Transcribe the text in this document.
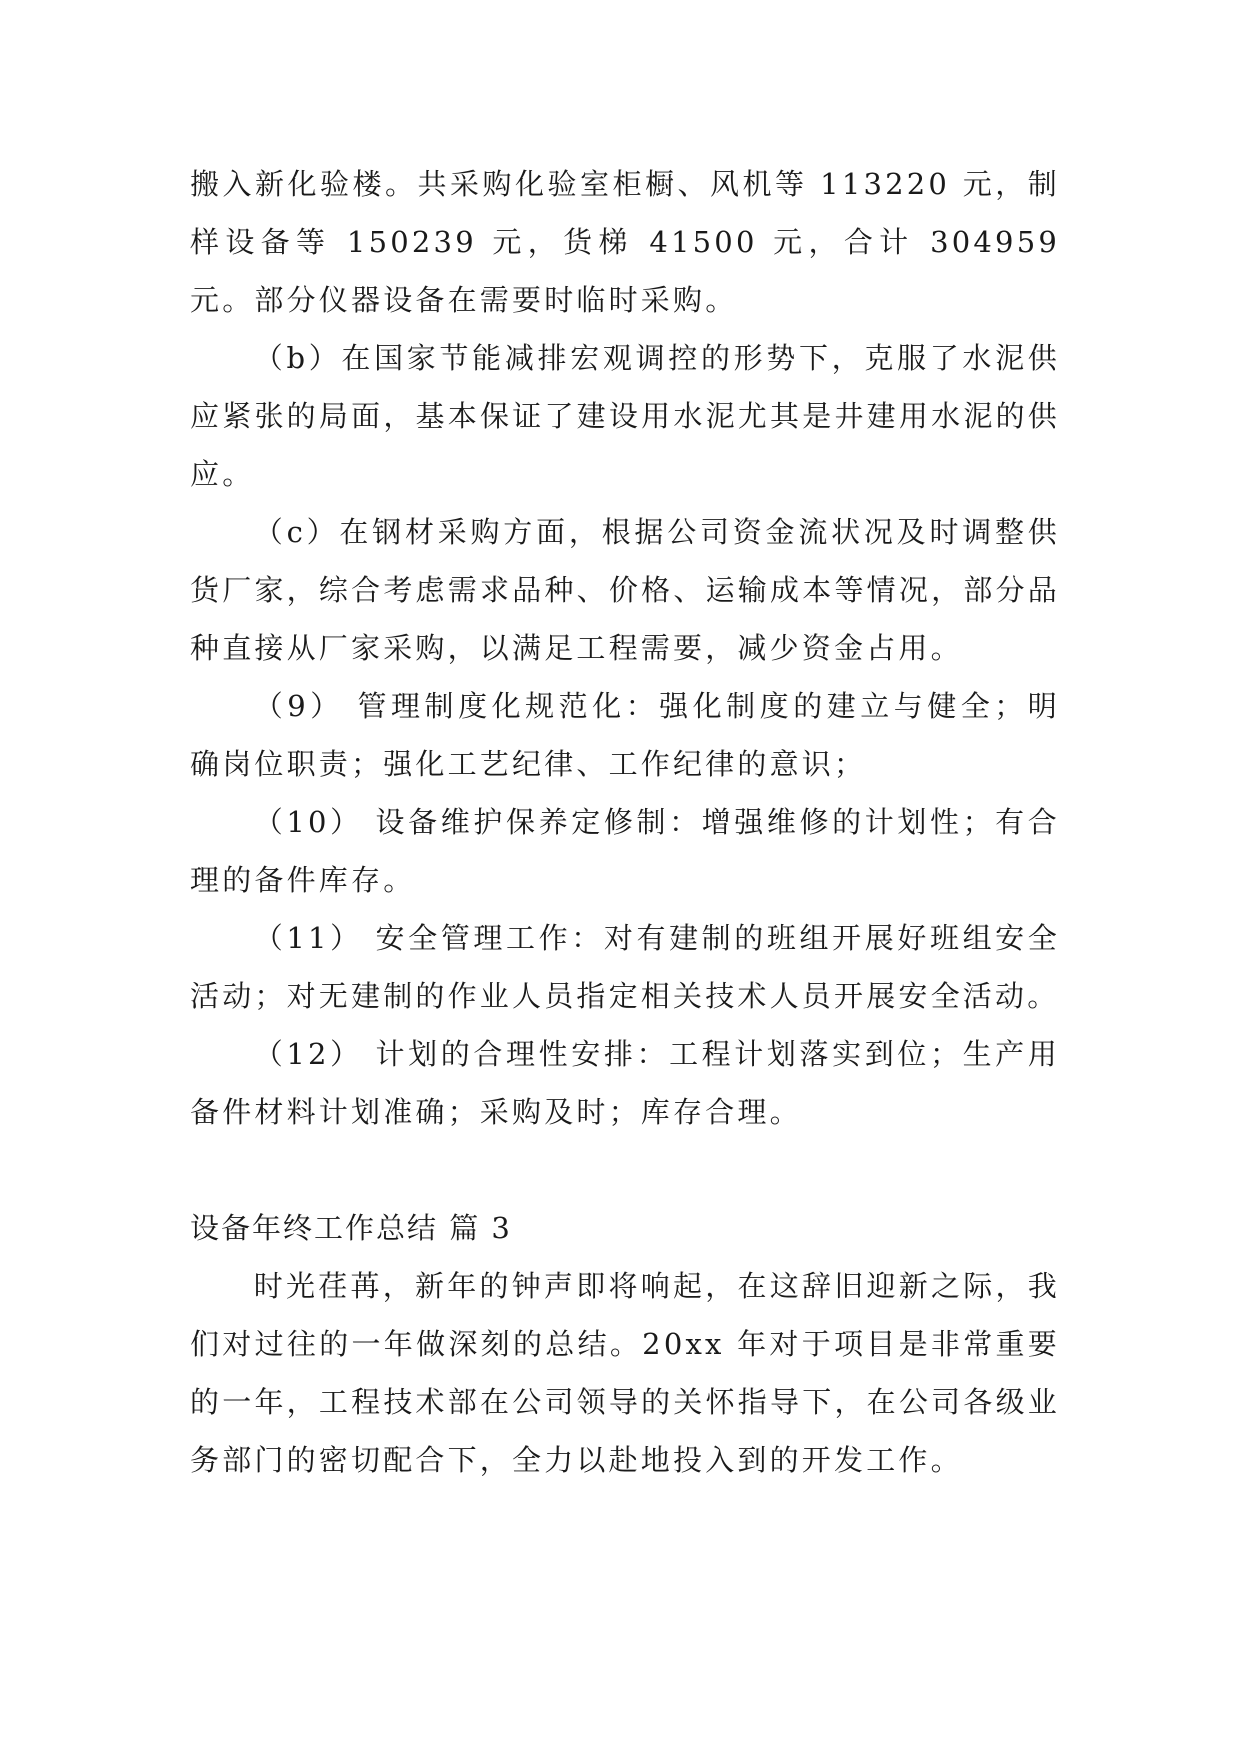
搬入新化验楼。共采购化验室柜橱、风机等 113220 元，制样设备等 150239 元，货梯 41500 元，合计 304959 元。部分仪器设备在需要时临时采购。

（b）在国家节能减排宏观调控的形势下，克服了水泥供应紧张的局面，基本保证了建设用水泥尤其是井建用水泥的供应。

（c）在钢材采购方面，根据公司资金流状况及时调整供货厂家，综合考虑需求品种、价格、运输成本等情况，部分品种直接从厂家采购，以满足工程需要，减少资金占用。

（9） 管理制度化规范化：强化制度的建立与健全；明确岗位职责；强化工艺纪律、工作纪律的意识；

（10） 设备维护保养定修制：增强维修的计划性；有合理的备件库存。

（11） 安全管理工作：对有建制的班组开展好班组安全活动；对无建制的作业人员指定相关技术人员开展安全活动。

（12） 计划的合理性安排：工程计划落实到位；生产用备件材料计划准确；采购及时；库存合理。

设备年终工作总结 篇 3

时光荏苒，新年的钟声即将响起，在这辞旧迎新之际，我们对过往的一年做深刻的总结。20xx 年对于项目是非常重要的一年，工程技术部在公司领导的关怀指导下，在公司各级业务部门的密切配合下，全力以赴地投入到的开发工作。
